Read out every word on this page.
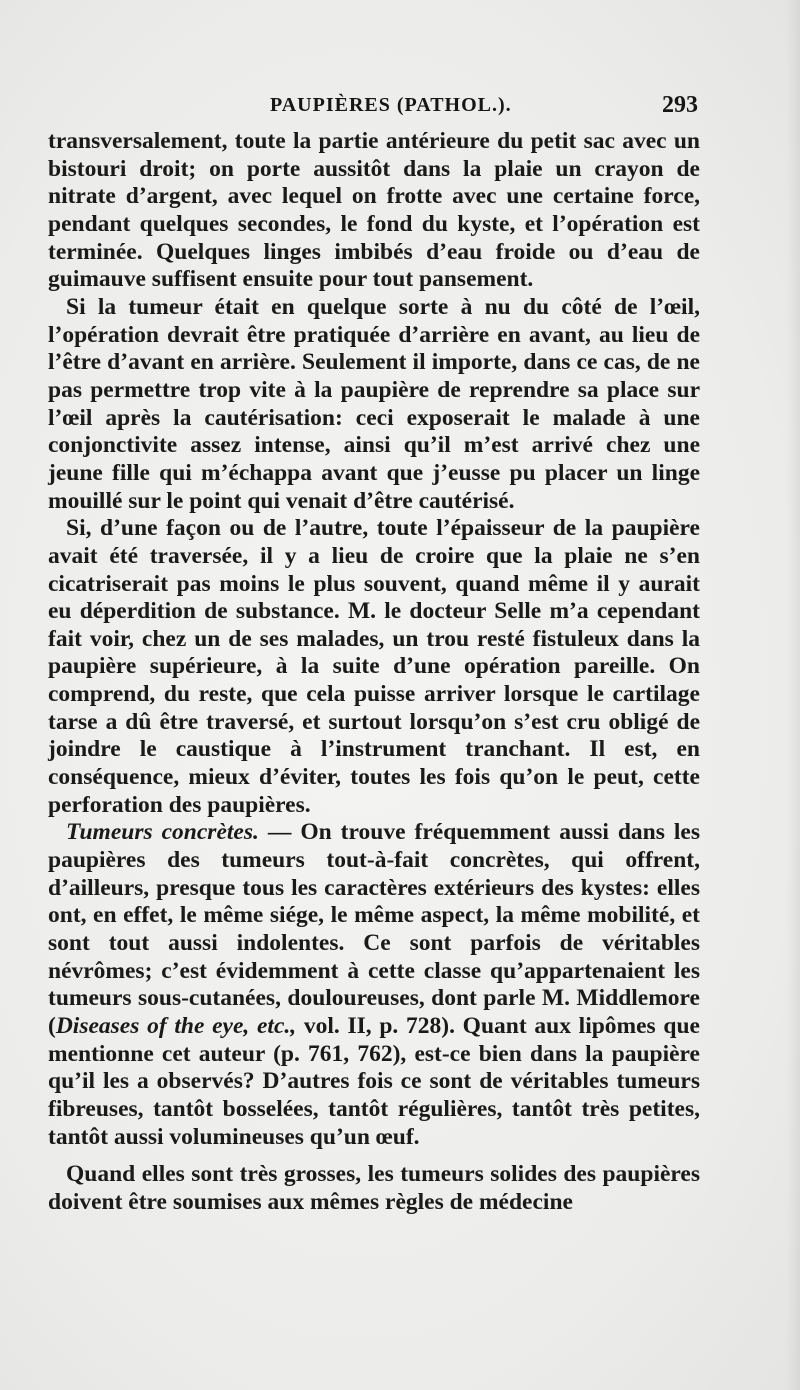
PAUPIÈRES (PATHOL.).	293

transversalement, toute la partie antérieure du petit sac avec un bistouri droit; on porte aussitôt dans la plaie un crayon de nitrate d’argent, avec lequel on frotte avec une certaine force, pendant quelques secondes, le fond du kyste, et l’opération est terminée. Quelques linges imbibés d’eau froide ou d’eau de guimauve suffisent ensuite pour tout pansement.

Si la tumeur était en quelque sorte à nu du côté de l’œil, l’opération devrait être pratiquée d’arrière en avant, au lieu de l’être d’avant en arrière. Seulement il importe, dans ce cas, de ne pas permettre trop vite à la paupière de reprendre sa place sur l’œil après la cautérisation: ceci exposerait le malade à une conjonctivite assez intense, ainsi qu’il m’est arrivé chez une jeune fille qui m’échappa avant que j’eusse pu placer un linge mouillé sur le point qui venait d’être cautérisé.

Si, d’une façon ou de l’autre, toute l’épaisseur de la paupière avait été traversée, il y a lieu de croire que la plaie ne s’en cicatriserait pas moins le plus souvent, quand même il y aurait eu déperdition de substance. M. le docteur Selle m’a cependant fait voir, chez un de ses malades, un trou resté fistuleux dans la paupière supérieure, à la suite d’une opération pareille. On comprend, du reste, que cela puisse arriver lorsque le cartilage tarse a dû être traversé, et surtout lorsqu’on s’est cru obligé de joindre le caustique à l’instrument tranchant. Il est, en conséquence, mieux d’éviter, toutes les fois qu’on le peut, cette perforation des paupières.

Tumeurs concrètes. — On trouve fréquemment aussi dans les paupières des tumeurs tout-à-fait concrètes, qui offrent, d’ailleurs, presque tous les caractères extérieurs des kystes: elles ont, en effet, le même siége, le même aspect, la même mobilité, et sont tout aussi indolentes. Ce sont parfois de véritables névrômes; c’est évidemment à cette classe qu’appartenaient les tumeurs sous-cutanées, douloureuses, dont parle M. Middlemore (Diseases of the eye, etc., vol. II, p. 728). Quant aux lipômes que mentionne cet auteur (p. 761, 762), est-ce bien dans la paupière qu’il les a observés? D’autres fois ce sont de véritables tumeurs fibreuses, tantôt bosselées, tantôt régulières, tantôt très petites, tantôt aussi volumineuses qu’un œuf.

Quand elles sont très grosses, les tumeurs solides des paupières doivent être soumises aux mêmes règles de médecine
